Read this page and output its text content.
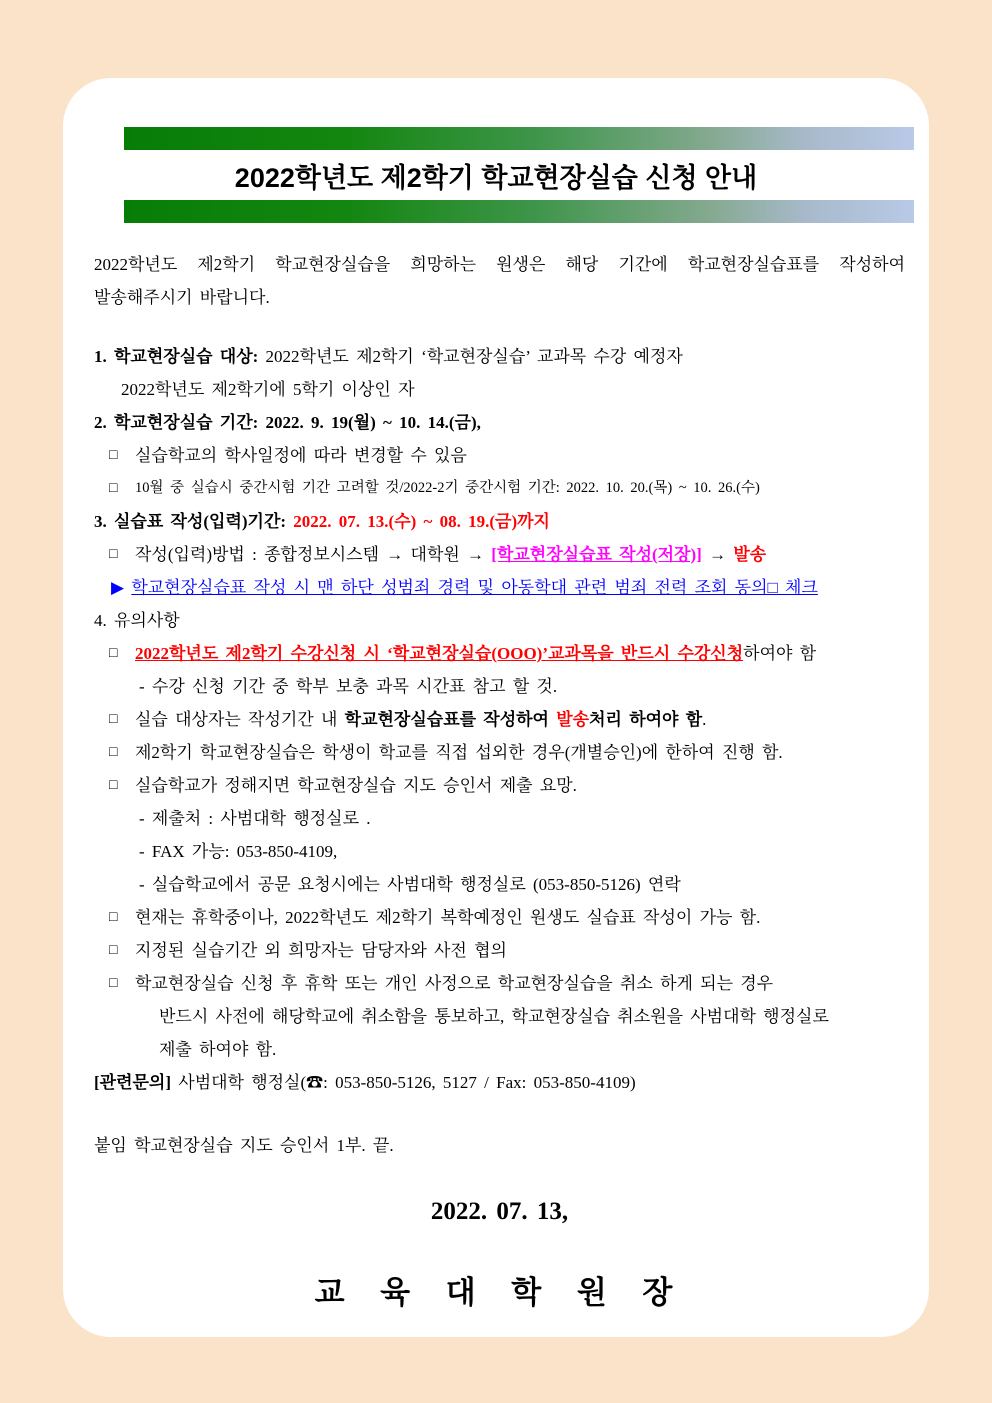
2022학년도 제2학기 학교현장실습 신청 안내
2022학년도 제2학기 학교현장실습을 희망하는 원생은 해당 기간에 학교현장실습표를 작성하여
발송해주시기 바랍니다.
1. 학교현장실습 대상: 2022학년도 제2학기 ‘학교현장실습’ 교과목 수강 예정자
2022학년도 제2학기에 5학기 이상인 자
2. 학교현장실습 기간: 2022. 9. 19(월) ~ 10. 14.(금),
□	실습학교의 학사일정에 따라 변경할 수 있음
□	10월 중 실습시 중간시험 기간 고려할 것/2022-2기 중간시험 기간: 2022. 10. 20.(목) ~ 10. 26.(수)
3. 실습표 작성(입력)기간: 2022. 07. 13.(수) ~ 08. 19.(금)까지
□	작성(입력)방법 : 종합정보시스템 → 대학원 → [학교현장실습표 작성(저장)] → 발송
▶ 학교현장실습표 작성 시 맨 하단 성범죄 경력 및 아동학대 관련 범죄 전력 조회 동의□ 체크
4. 유의사항
□	2022학년도 제2학기 수강신청 시 ‘학교현장실습(OOO)’교과목을 반드시 수강신청하여야 함
- 수강 신청 기간 중 학부 보충 과목 시간표 참고 할 것.
□	실습 대상자는 작성기간 내 학교현장실습표를 작성하여 발송처리 하여야 함.
□	제2학기 학교현장실습은 학생이 학교를 직접 섭외한 경우(개별승인)에 한하여 진행 함.
□	실습학교가 정해지면 학교현장실습 지도 승인서 제출 요망.
- 제출처 : 사범대학 행정실로 .
- FAX 가능: 053-850-4109,
- 실습학교에서 공문 요청시에는 사범대학 행정실로 (053-850-5126) 연락
□	현재는 휴학중이나, 2022학년도 제2학기 복학예정인 원생도 실습표 작성이 가능 함.
□	지정된 실습기간 외 희망자는 담당자와 사전 협의
□	학교현장실습 신청 후 휴학 또는 개인 사정으로 학교현장실습을 취소 하게 되는 경우
반드시 사전에 해당학교에 취소함을 통보하고, 학교현장실습 취소원을 사범대학 행정실로
제출 하여야 함.
[관련문의] 사범대학 행정실(☎: 053-850-5126, 5127 / Fax: 053-850-4109)
붙임 학교현장실습 지도 승인서 1부. 끝.
2022. 07. 13,
교 육 대 학 원 장
